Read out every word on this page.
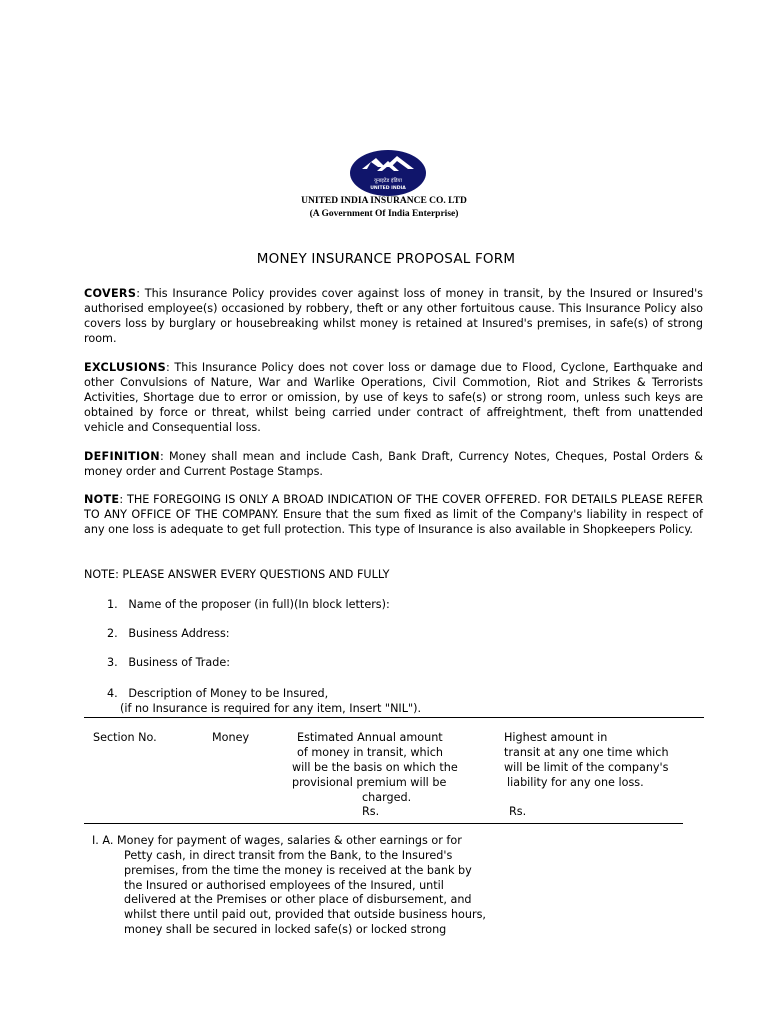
यूनाइटेड इंडिया
UNITED INDIA
UNITED INDIA INSURANCE CO. LTD
(A Government Of India Enterprise)
MONEY INSURANCE PROPOSAL FORM

COVERS: This Insurance Policy provides cover against loss of money in transit, by the Insured or Insured's authorised employee(s) occasioned by robbery, theft or any other fortuitous cause. This Insurance Policy also covers loss by burglary or housebreaking whilst money is retained at Insured's premises, in safe(s) of strong room.

EXCLUSIONS: This Insurance Policy does not cover loss or damage due to Flood, Cyclone, Earthquake and other Convulsions of Nature, War and Warlike Operations, Civil Commotion, Riot and Strikes & Terrorists Activities, Shortage due to error or omission, by use of keys to safe(s) or strong room, unless such keys are obtained by force or threat, whilst being carried under contract of affreightment, theft from unattended vehicle and Consequential loss.

DEFINITION: Money shall mean and include Cash, Bank Draft, Currency Notes, Cheques, Postal Orders & money order and Current Postage Stamps.

NOTE: THE FOREGOING IS ONLY A BROAD INDICATION OF THE COVER OFFERED. FOR DETAILS PLEASE REFER TO ANY OFFICE OF THE COMPANY. Ensure that the sum fixed as limit of the Company's liability in respect of any one loss is adequate to get full protection. This type of Insurance is also available in Shopkeepers Policy.

NOTE: PLEASE ANSWER EVERY QUESTIONS AND FULLY
1.   Name of the proposer (in full)(In block letters):
2.   Business Address:
3.   Business of Trade:
4.   Description of Money to be Insured,
(if no Insurance is required for any item, Insert "NIL").
Section No.	Money	Estimated Annual amount
of money in transit, which
will be the basis on which the
provisional premium will be
charged.
Rs.
Highest amount in
transit at any one time which
will be limit of the company's
liability for any one loss.
Rs.
I. A. Money for payment of wages, salaries & other earnings or for
Petty cash, in direct transit from the Bank, to the Insured's
premises, from the time the money is received at the bank by
the Insured or authorised employees of the Insured, until
delivered at the Premises or other place of disbursement, and
whilst there until paid out, provided that outside business hours,
money shall be secured in locked safe(s) or locked strong
